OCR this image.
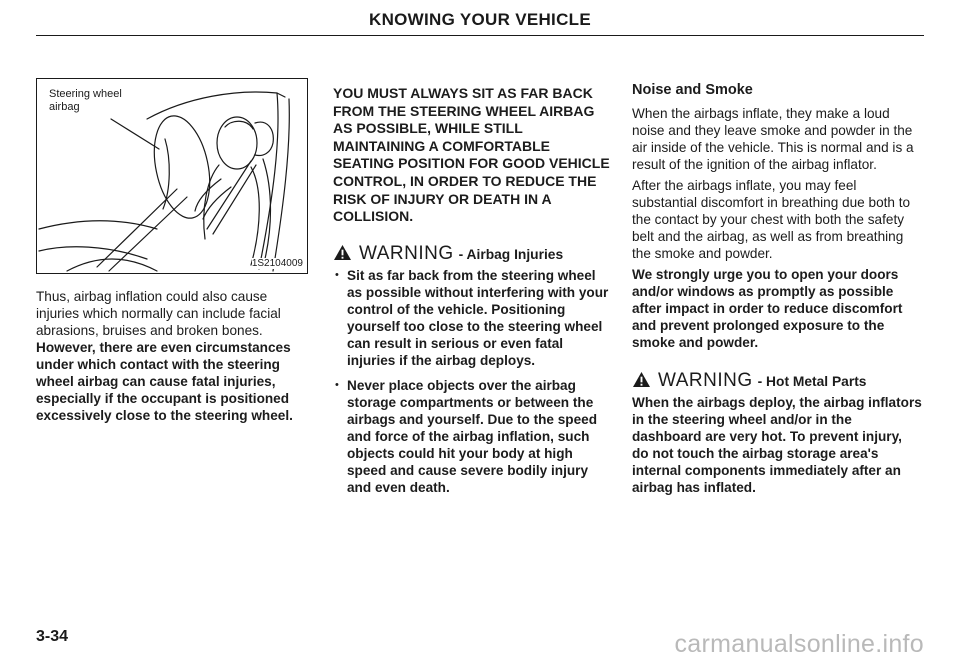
KNOWING YOUR VEHICLE
Steering wheel
airbag
1S2104009

Thus, airbag inflation could also cause injuries which normally can include facial abrasions, bruises and broken bones. However, there are even circumstances under which contact with the steering wheel airbag can cause fatal injuries, especially if the occupant is positioned excessively close to the steering wheel.

YOU MUST ALWAYS SIT AS FAR BACK FROM THE STEERING WHEEL AIRBAG AS POSSIBLE, WHILE STILL MAINTAINING A COMFORTABLE SEATING POSITION FOR GOOD VEHICLE CONTROL, IN ORDER TO REDUCE THE RISK OF INJURY OR DEATH IN A COLLISION.

WARNING - Airbag Injuries
• Sit as far back from the steering wheel as possible without interfering with your control of the vehicle. Positioning yourself too close to the steering wheel can result in serious or even fatal injuries if the airbag deploys.
• Never place objects over the airbag storage compartments or between the airbags and yourself. Due to the speed and force of the airbag inflation, such objects could hit your body at high speed and cause severe bodily injury and even death.
Noise and Smoke

When the airbags inflate, they make a loud noise and they leave smoke and powder in the air inside of the vehicle. This is normal and is a result of the ignition of the airbag inflator.

After the airbags inflate, you may feel substantial discomfort in breathing due both to the contact by your chest with both the safety belt and the airbag, as well as from breathing the smoke and powder.

We strongly urge you to open your doors and/or windows as promptly as possible after impact in order to reduce discomfort and prevent prolonged exposure to the smoke and powder.

WARNING - Hot Metal Parts

When the airbags deploy, the airbag inflators in the steering wheel and/or in the dashboard are very hot. To prevent injury, do not touch the airbag storage area's internal components immediately after an airbag has inflated.

3-34	carmanualsonline.info
